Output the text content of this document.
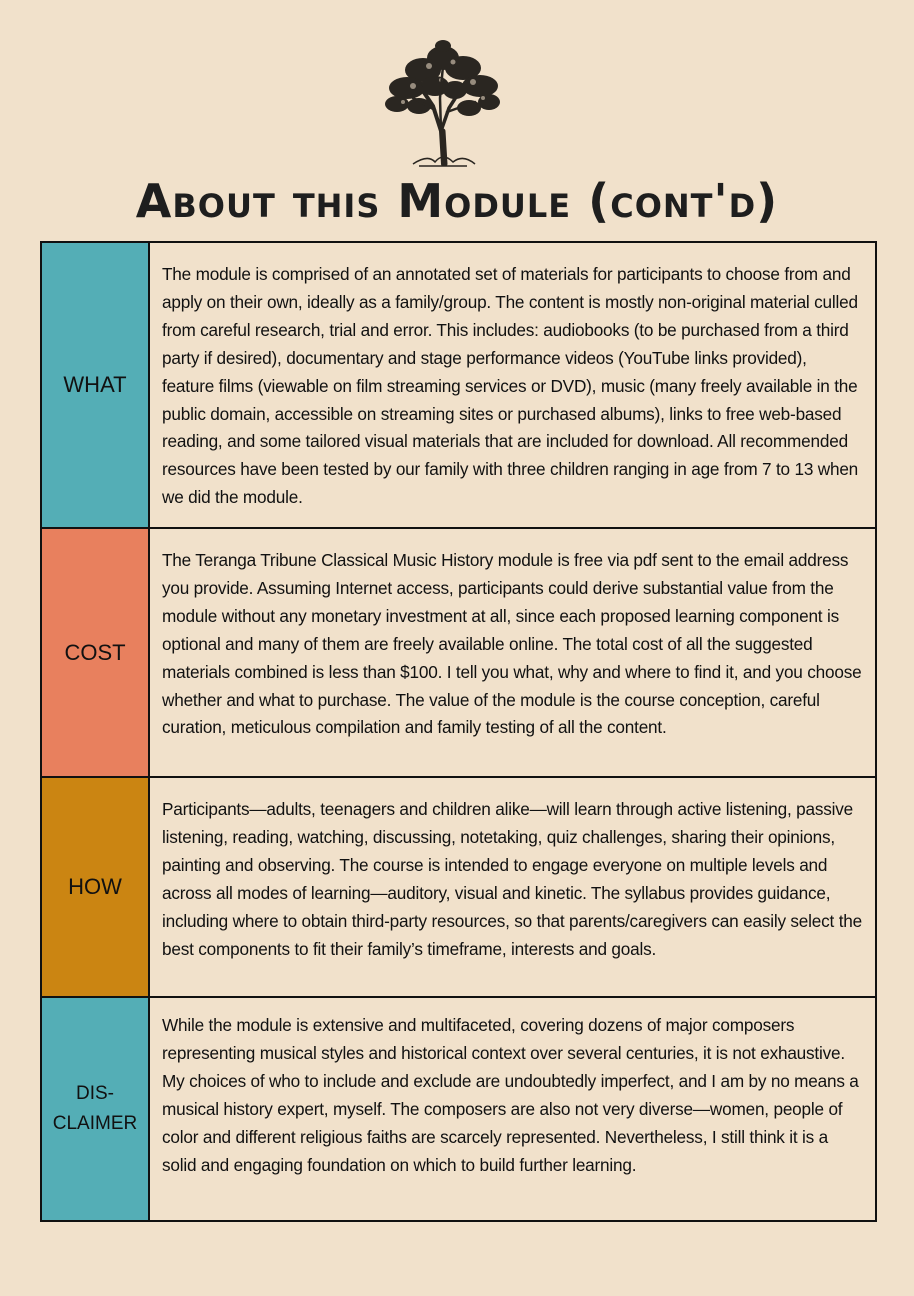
About this Module (cont'd)
WHAT
The module is comprised of an annotated set of materials for participants to choose from and apply on their own, ideally as a family/group. The content is mostly non-original material culled from careful research, trial and error. This includes: audiobooks (to be purchased from a third party if desired), documentary and stage performance videos (YouTube links provided), feature films (viewable on film streaming services or DVD), music (many freely available in the public domain, accessible on streaming sites or purchased albums), links to free web-based reading, and some tailored visual materials that are included for download. All recommended resources have been tested by our family with three children ranging in age from 7 to 13 when we did the module.
COST
The Teranga Tribune Classical Music History module is free via pdf sent to the email address you provide. Assuming Internet access, participants could derive substantial value from the module without any monetary investment at all, since each proposed learning component is optional and many of them are freely available online. The total cost of all the suggested materials combined is less than $100. I tell you what, why and where to find it, and you choose whether and what to purchase. The value of the module is the course conception, careful curation, meticulous compilation and family testing of all the content.
HOW
Participants—adults, teenagers and children alike—will learn through active listening, passive listening, reading, watching, discussing, notetaking, quiz challenges, sharing their opinions, painting and observing. The course is intended to engage everyone on multiple levels and across all modes of learning—auditory, visual and kinetic. The syllabus provides guidance, including where to obtain third-party resources, so that parents/caregivers can easily select the best components to fit their family’s timeframe, interests and goals.
DIS-
CLAIMER
While the module is extensive and multifaceted, covering dozens of major composers representing musical styles and historical context over several centuries, it is not exhaustive. My choices of who to include and exclude are undoubtedly imperfect, and I am by no means a musical history expert, myself. The composers are also not very diverse—women, people of color and different religious faiths are scarcely represented. Nevertheless, I still think it is a solid and engaging foundation on which to build further learning.
